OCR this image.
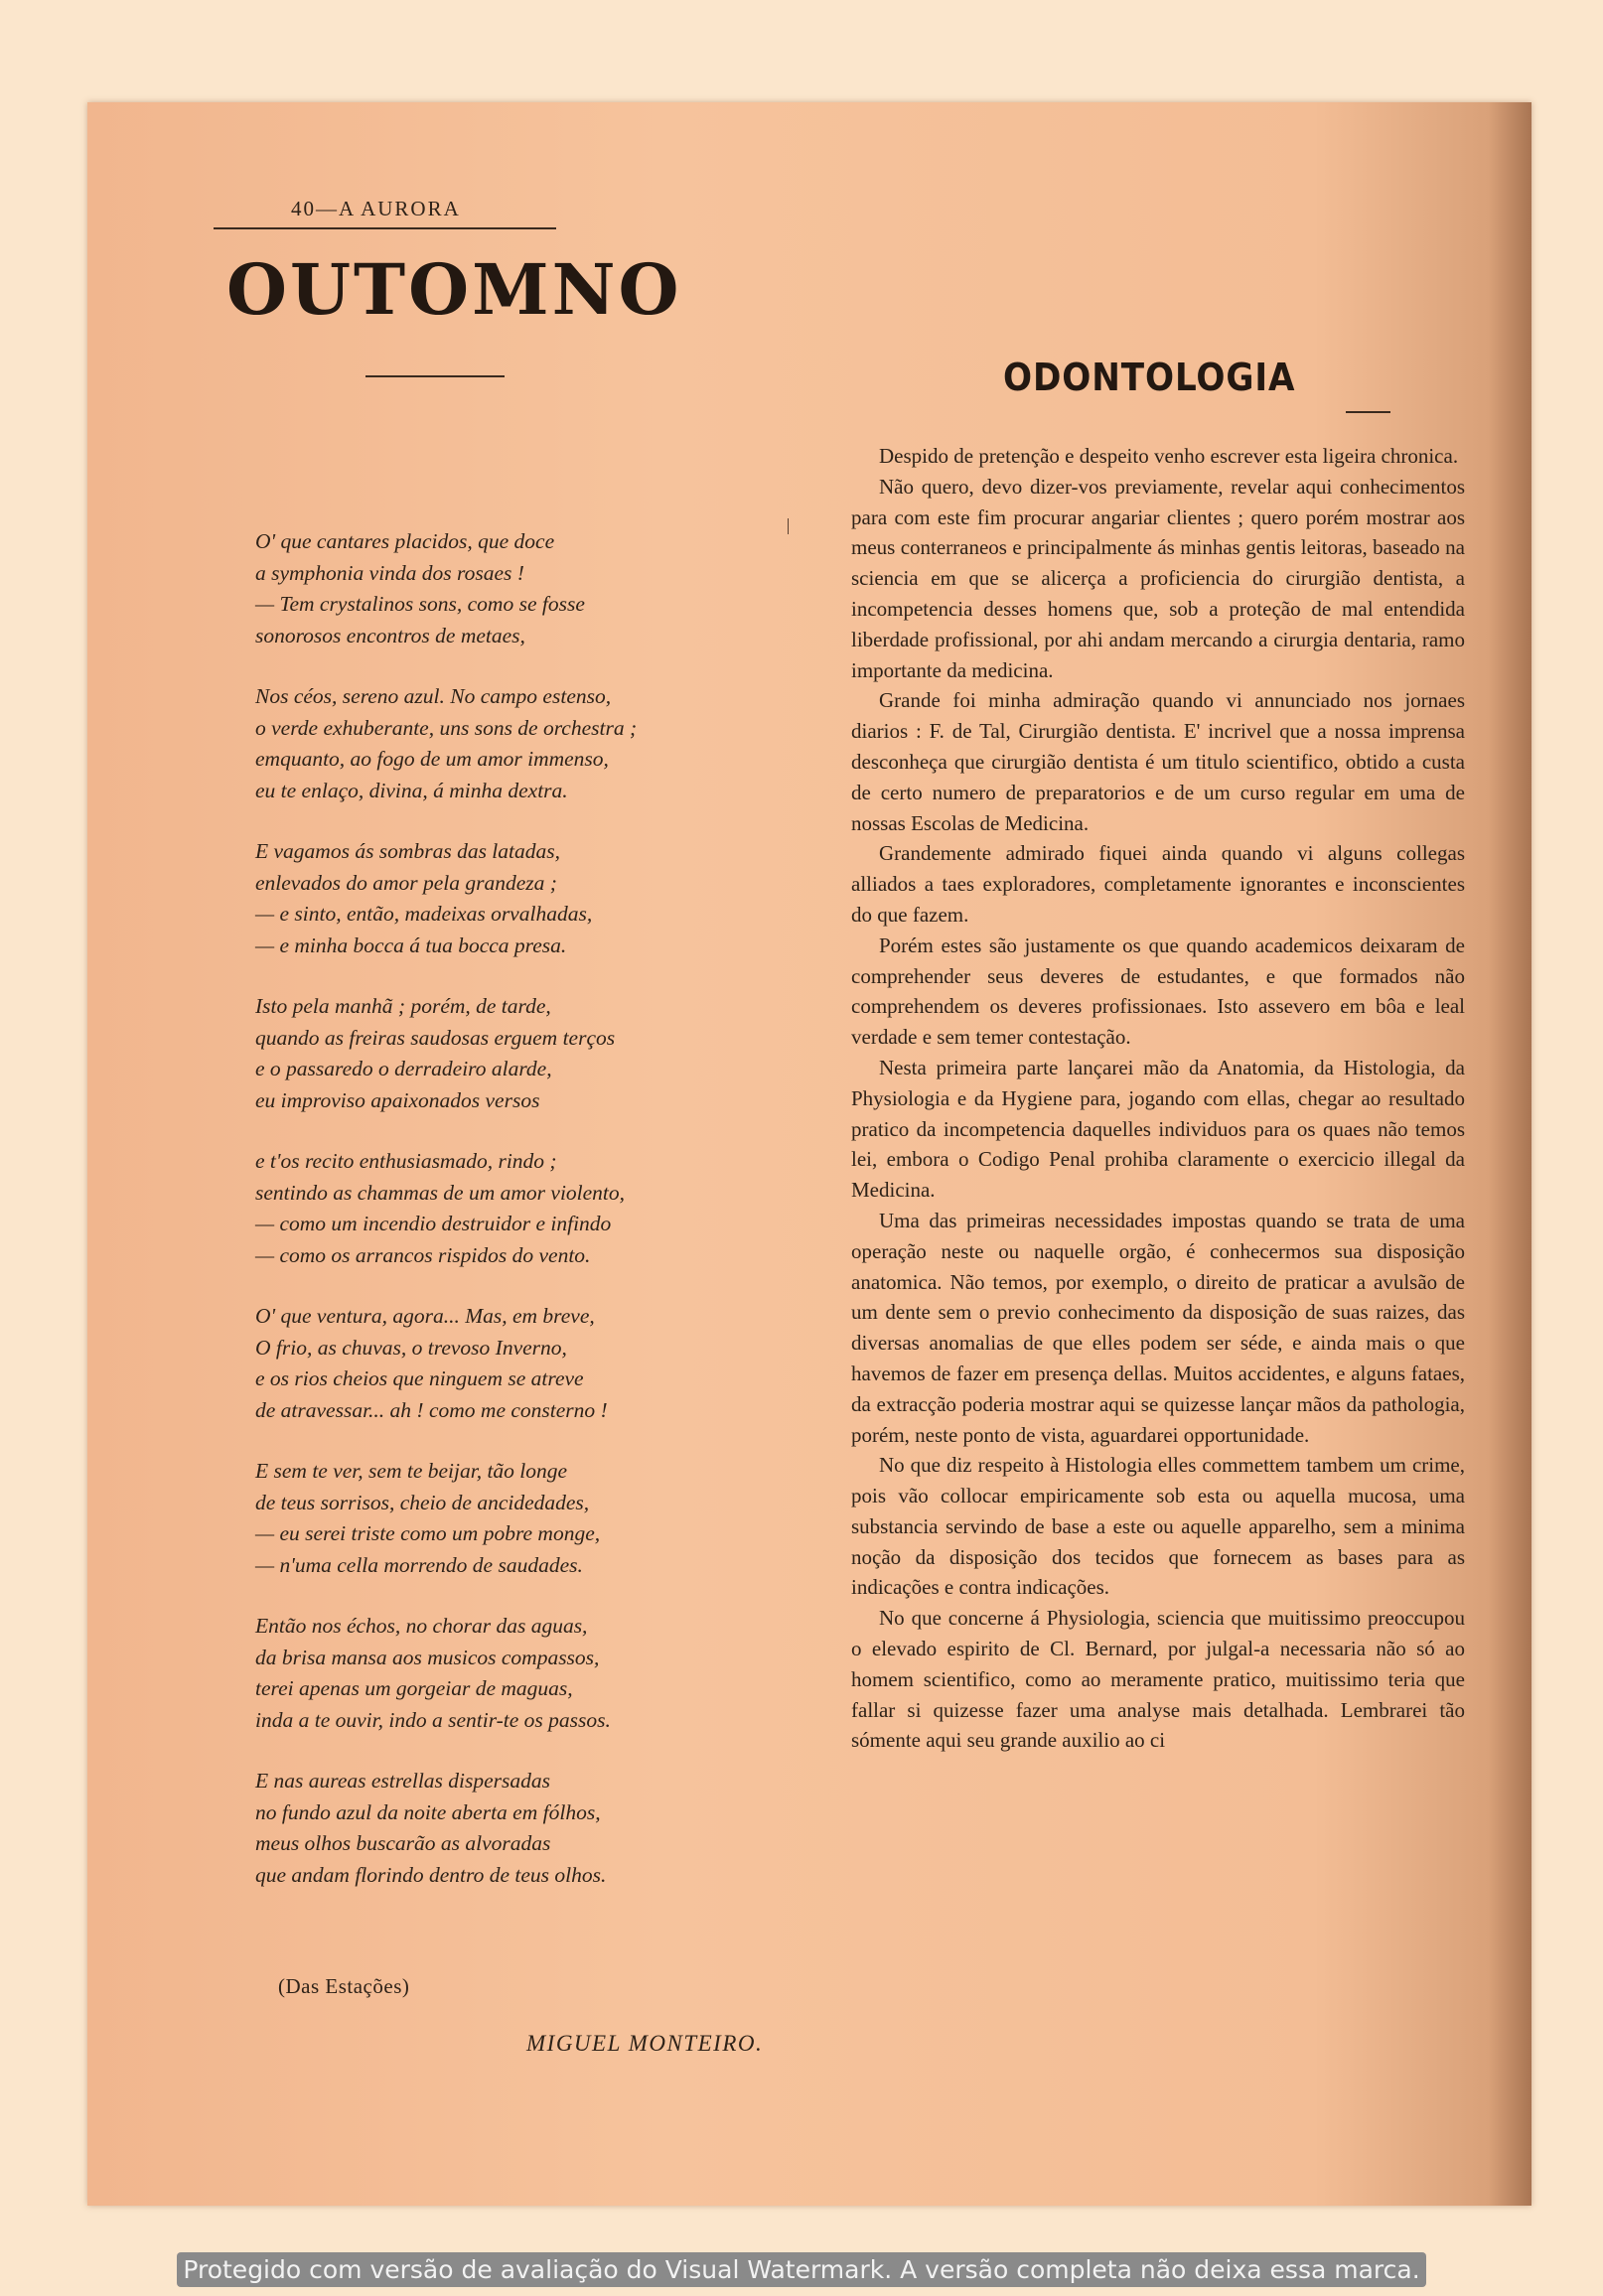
40—A AURORA
OUTOMNO
O' que cantares placidos, que doce
a symphonia vinda dos rosaes !
— Tem crystalinos sons, como se fosse
sonorosos encontros de metaes,
Nos céos, sereno azul. No campo estenso,
o verde exhuberante, uns sons de orchestra ;
emquanto, ao fogo de um amor immenso,
eu te enlaço, divina, á minha dextra.
E vagamos ás sombras das latadas,
enlevados do amor pela grandeza ;
— e sinto, então, madeixas orvalhadas,
— e minha bocca á tua bocca presa.
Isto pela manhã ; porém, de tarde,
quando as freiras saudosas erguem terços
e o passaredo o derradeiro alarde,
eu improviso apaixonados versos
e t'os recito enthusiasmado, rindo ;
sentindo as chammas de um amor violento,
— como um incendio destruidor e infindo
— como os arrancos rispidos do vento.
O' que ventura, agora... Mas, em breve,
O frio, as chuvas, o trevoso Inverno,
e os rios cheios que ninguem se atreve
de atravessar... ah ! como me consterno !
E sem te ver, sem te beijar, tão longe
de teus sorrisos, cheio de ancidedades,
— eu serei triste como um pobre monge,
— n'uma cella morrendo de saudades.
Então nos échos, no chorar das aguas,
da brisa mansa aos musicos compassos,
terei apenas um gorgeiar de maguas,
inda a te ouvir, indo a sentir-te os passos.
E nas aureas estrellas dispersadas
no fundo azul da noite aberta em fólhos,
meus olhos buscarão as alvoradas
que andam florindo dentro de teus olhos.
(Das Estações)
MIGUEL MONTEIRO.
ODONTOLOGIA

Despido de pretenção e despeito venho escrever esta ligeira chronica.

Não quero, devo dizer-vos previamente, revelar aqui conhecimentos para com este fim procurar angariar clientes ; quero porém mostrar aos meus conterraneos e principalmente ás minhas gentis leitoras, baseado na sciencia em que se alicerça a proficiencia do cirurgião dentista, a incompetencia desses homens que, sob a proteção de mal entendida liberdade profissional, por ahi andam mercando a cirurgia dentaria, ramo importante da medicina.

Grande foi minha admiração quando vi annunciado nos jornaes diarios : F. de Tal, Cirurgião dentista. E' incrivel que a nossa imprensa desconheça que cirurgião dentista é um titulo scientifico, obtido a custa de certo numero de preparatorios e de um curso regular em uma de nossas Escolas de Medicina.

Grandemente admirado fiquei ainda quando vi alguns collegas alliados a taes exploradores, completamente ignorantes e inconscientes do que fazem.

Porém estes são justamente os que quando academicos deixaram de comprehender seus deveres de estudantes, e que formados não comprehendem os deveres profissionaes. Isto assevero em bôa e leal verdade e sem temer contestação.

Nesta primeira parte lançarei mão da Anatomia, da Histologia, da Physiologia e da Hygiene para, jogando com ellas, chegar ao resultado pratico da incompetencia daquelles individuos para os quaes não temos lei, embora o Codigo Penal prohiba claramente o exercicio illegal da Medicina.

Uma das primeiras necessidades impostas quando se trata de uma operação neste ou naquelle orgão, é conhecermos sua disposição anatomica. Não temos, por exemplo, o direito de praticar a avulsão de um dente sem o previo conhecimento da disposição de suas raizes, das diversas anomalias de que elles podem ser séde, e ainda mais o que havemos de fazer em presença dellas. Muitos accidentes, e alguns fataes, da extracção poderia mostrar aqui se quizesse lançar mãos da pathologia, porém, neste ponto de vista, aguardarei opportunidade.

No que diz respeito à Histologia elles commettem tambem um crime, pois vão collocar empiricamente sob esta ou aquella mucosa, uma substancia servindo de base a este ou aquelle apparelho, sem a minima noção da disposição dos tecidos que fornecem as bases para as indicações e contra indicações.

No que concerne á Physiologia, sciencia que muitissimo preoccupou o elevado espirito de Cl. Bernard, por julgal-a necessaria não só ao homem scientifico, como ao meramente pratico, muitissimo teria que fallar si quizesse fazer uma analyse mais detalhada. Lembrarei tão sómente aqui seu grande auxilio ao ci

Protegido com versão de avaliação do Visual Watermark. A versão completa não deixa essa marca.
